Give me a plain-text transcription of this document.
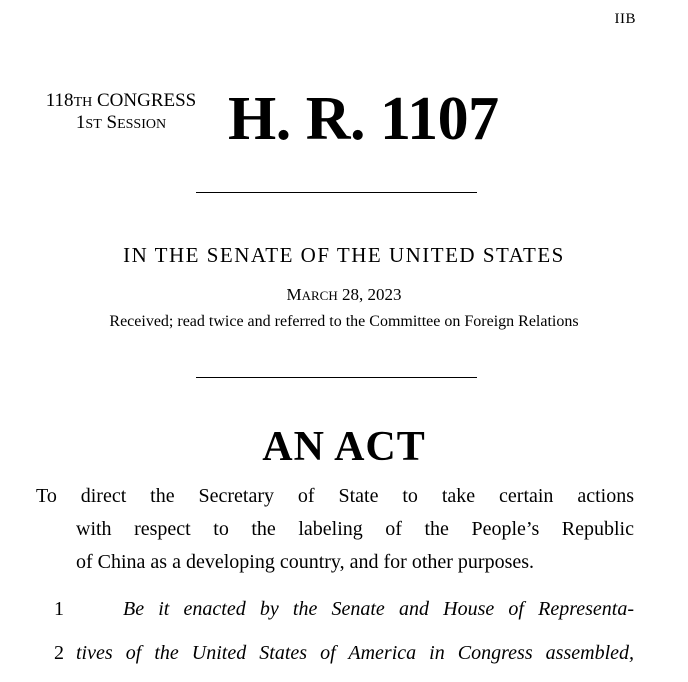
IIB
118TH CONGRESS
1ST SESSION H. R. 1107
IN THE SENATE OF THE UNITED STATES
MARCH 28, 2023
Received; read twice and referred to the Committee on Foreign Relations
AN ACT
To direct the Secretary of State to take certain actions
with respect to the labeling of the People’s Republic
of China as a developing country, and for other purposes.
1	Be it enacted by the Senate and House of Representa-
2 tives of the United States of America in Congress assembled,
